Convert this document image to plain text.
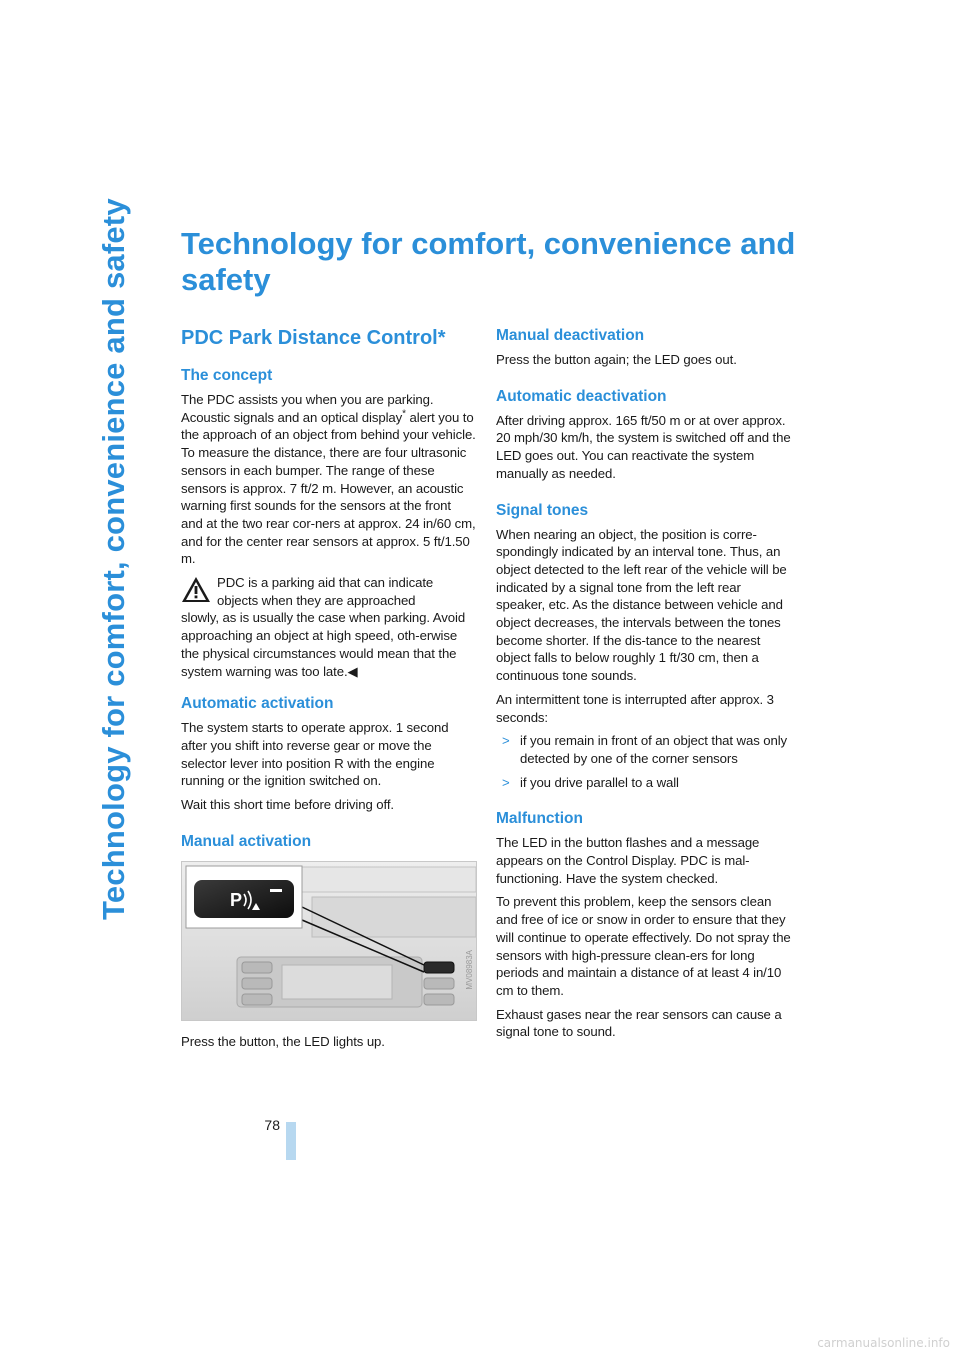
Technology for comfort, convenience and safety Technology for comfort, convenience and safety
PDC Park Distance Control*
The concept

The PDC assists you when you are parking. Acoustic signals and an optical display* alert you to the approach of an object from behind your vehicle. To measure the distance, there are four ultrasonic sensors in each bumper. The range of these sensors is approx. 7 ft/2 m. However, an acoustic warning first sounds for the sensors at the front and at the two rear cor-ners at approx. 24 in/60 cm, and for the center rear sensors at approx. 5 ft/1.50 m.

PDC is a parking aid that can indicate
objects when they are approached
slowly, as is usually the case when parking. Avoid approaching an object at high speed, oth-erwise the physical circumstances would mean that the system warning was too late.◀

Automatic activation

The system starts to operate approx. 1 second after you shift into reverse gear or move the selector lever into position R with the engine running or the ignition switched on.

Wait this short time before driving off.

Manual activation
P
MV08983A

Press the button, the LED lights up.

Manual deactivation

Press the button again; the LED goes out.

Automatic deactivation

After driving approx. 165 ft/50 m or at over approx. 20 mph/30 km/h, the system is switched off and the LED goes out. You can reactivate the system manually as needed.

Signal tones

When nearing an object, the position is corre-spondingly indicated by an interval tone. Thus, an object detected to the left rear of the vehicle will be indicated by a signal tone from the left rear speaker, etc. As the distance between vehicle and object decreases, the intervals between the tones become shorter. If the dis-tance to the nearest object falls to below roughly 1 ft/30 cm, then a continuous tone sounds.

An intermittent tone is interrupted after approx. 3 seconds:

> if you remain in front of an object that was only detected by one of the corner sensors
> if you drive parallel to a wall
Malfunction

The LED in the button flashes and a message appears on the Control Display. PDC is mal-functioning. Have the system checked.

To prevent this problem, keep the sensors clean and free of ice or snow in order to ensure that they will continue to operate effectively. Do not spray the sensors with high-pressure clean-ers for long periods and maintain a distance of at least 4 in/10 cm to them.

Exhaust gases near the rear sensors can cause a signal tone to sound.

78
carmanualsonline.info
